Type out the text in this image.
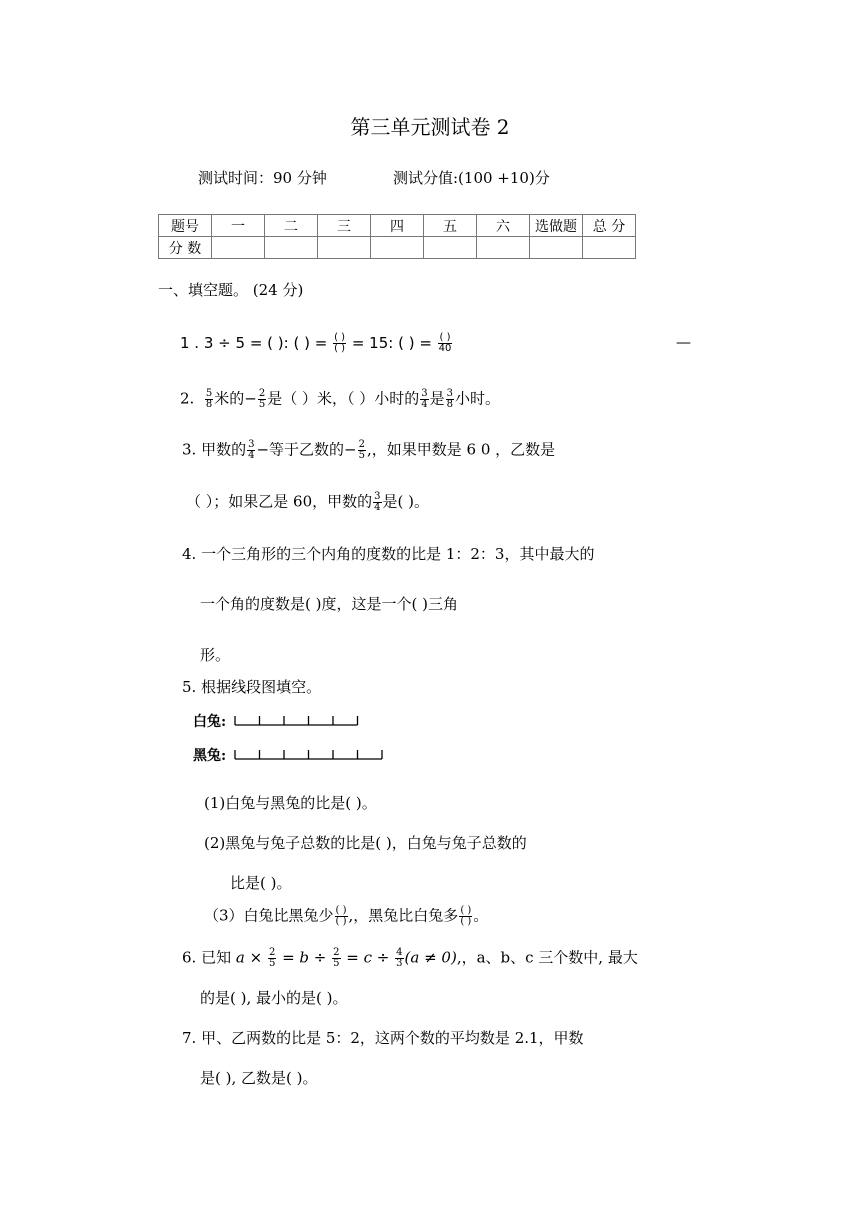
第三单元测试卷 2
测试时间：90 分钟	测试分值:(100 +10)分
题号	一	二	三	四	五	六	选做题	总 分
分 数								
一、填空题。 (24 分)
1 . 3 ÷ 5 = ( ): ( ) = $\frac{( )}{( )} = 15$: ( ) = $\frac{( )}{40}$	—
2. $\frac{5}{8}$ 米的− $\frac{2}{5}$ 是（ ）米，（ ）小时的 $\frac{3}{4}$ 是 $\frac{3}{8}$ 小时。
3. 甲数的 $\frac{3}{4}$ −等于乙数的− $\frac{2}{5}$ ,，如果甲数是 6 0 ，乙数是
（ ）；如果乙是 60，甲数的 $\frac{3}{4}$ 是( )。
4. 一个三角形的三个内角的度数的比是 1：2：3，其中最大的
一个角的度数是( )度，这是一个( )三角
形。
5. 根据线段图填空。
白兔:
黑兔:
(1)白兔与黑兔的比是( )。
(2)黑兔与兔子总数的比是( )，白兔与兔子总数的
比是( )。
（3）白兔比黑兔少 $\frac{( )}{( )}$ ,，黑兔比白兔多 $\frac{( )}{( )}$ 。
6. 已知 $a \times \frac{2}{5} = b \div \frac{2}{5} = c \div \frac{4}{3} (a \ne 0)$,，a、b、c 三个数中, 最大
的是( ), 最小的是( )。
7. 甲、乙两数的比是 5：2，这两个数的平均数是 2.1，甲数
是( ), 乙数是( )。
